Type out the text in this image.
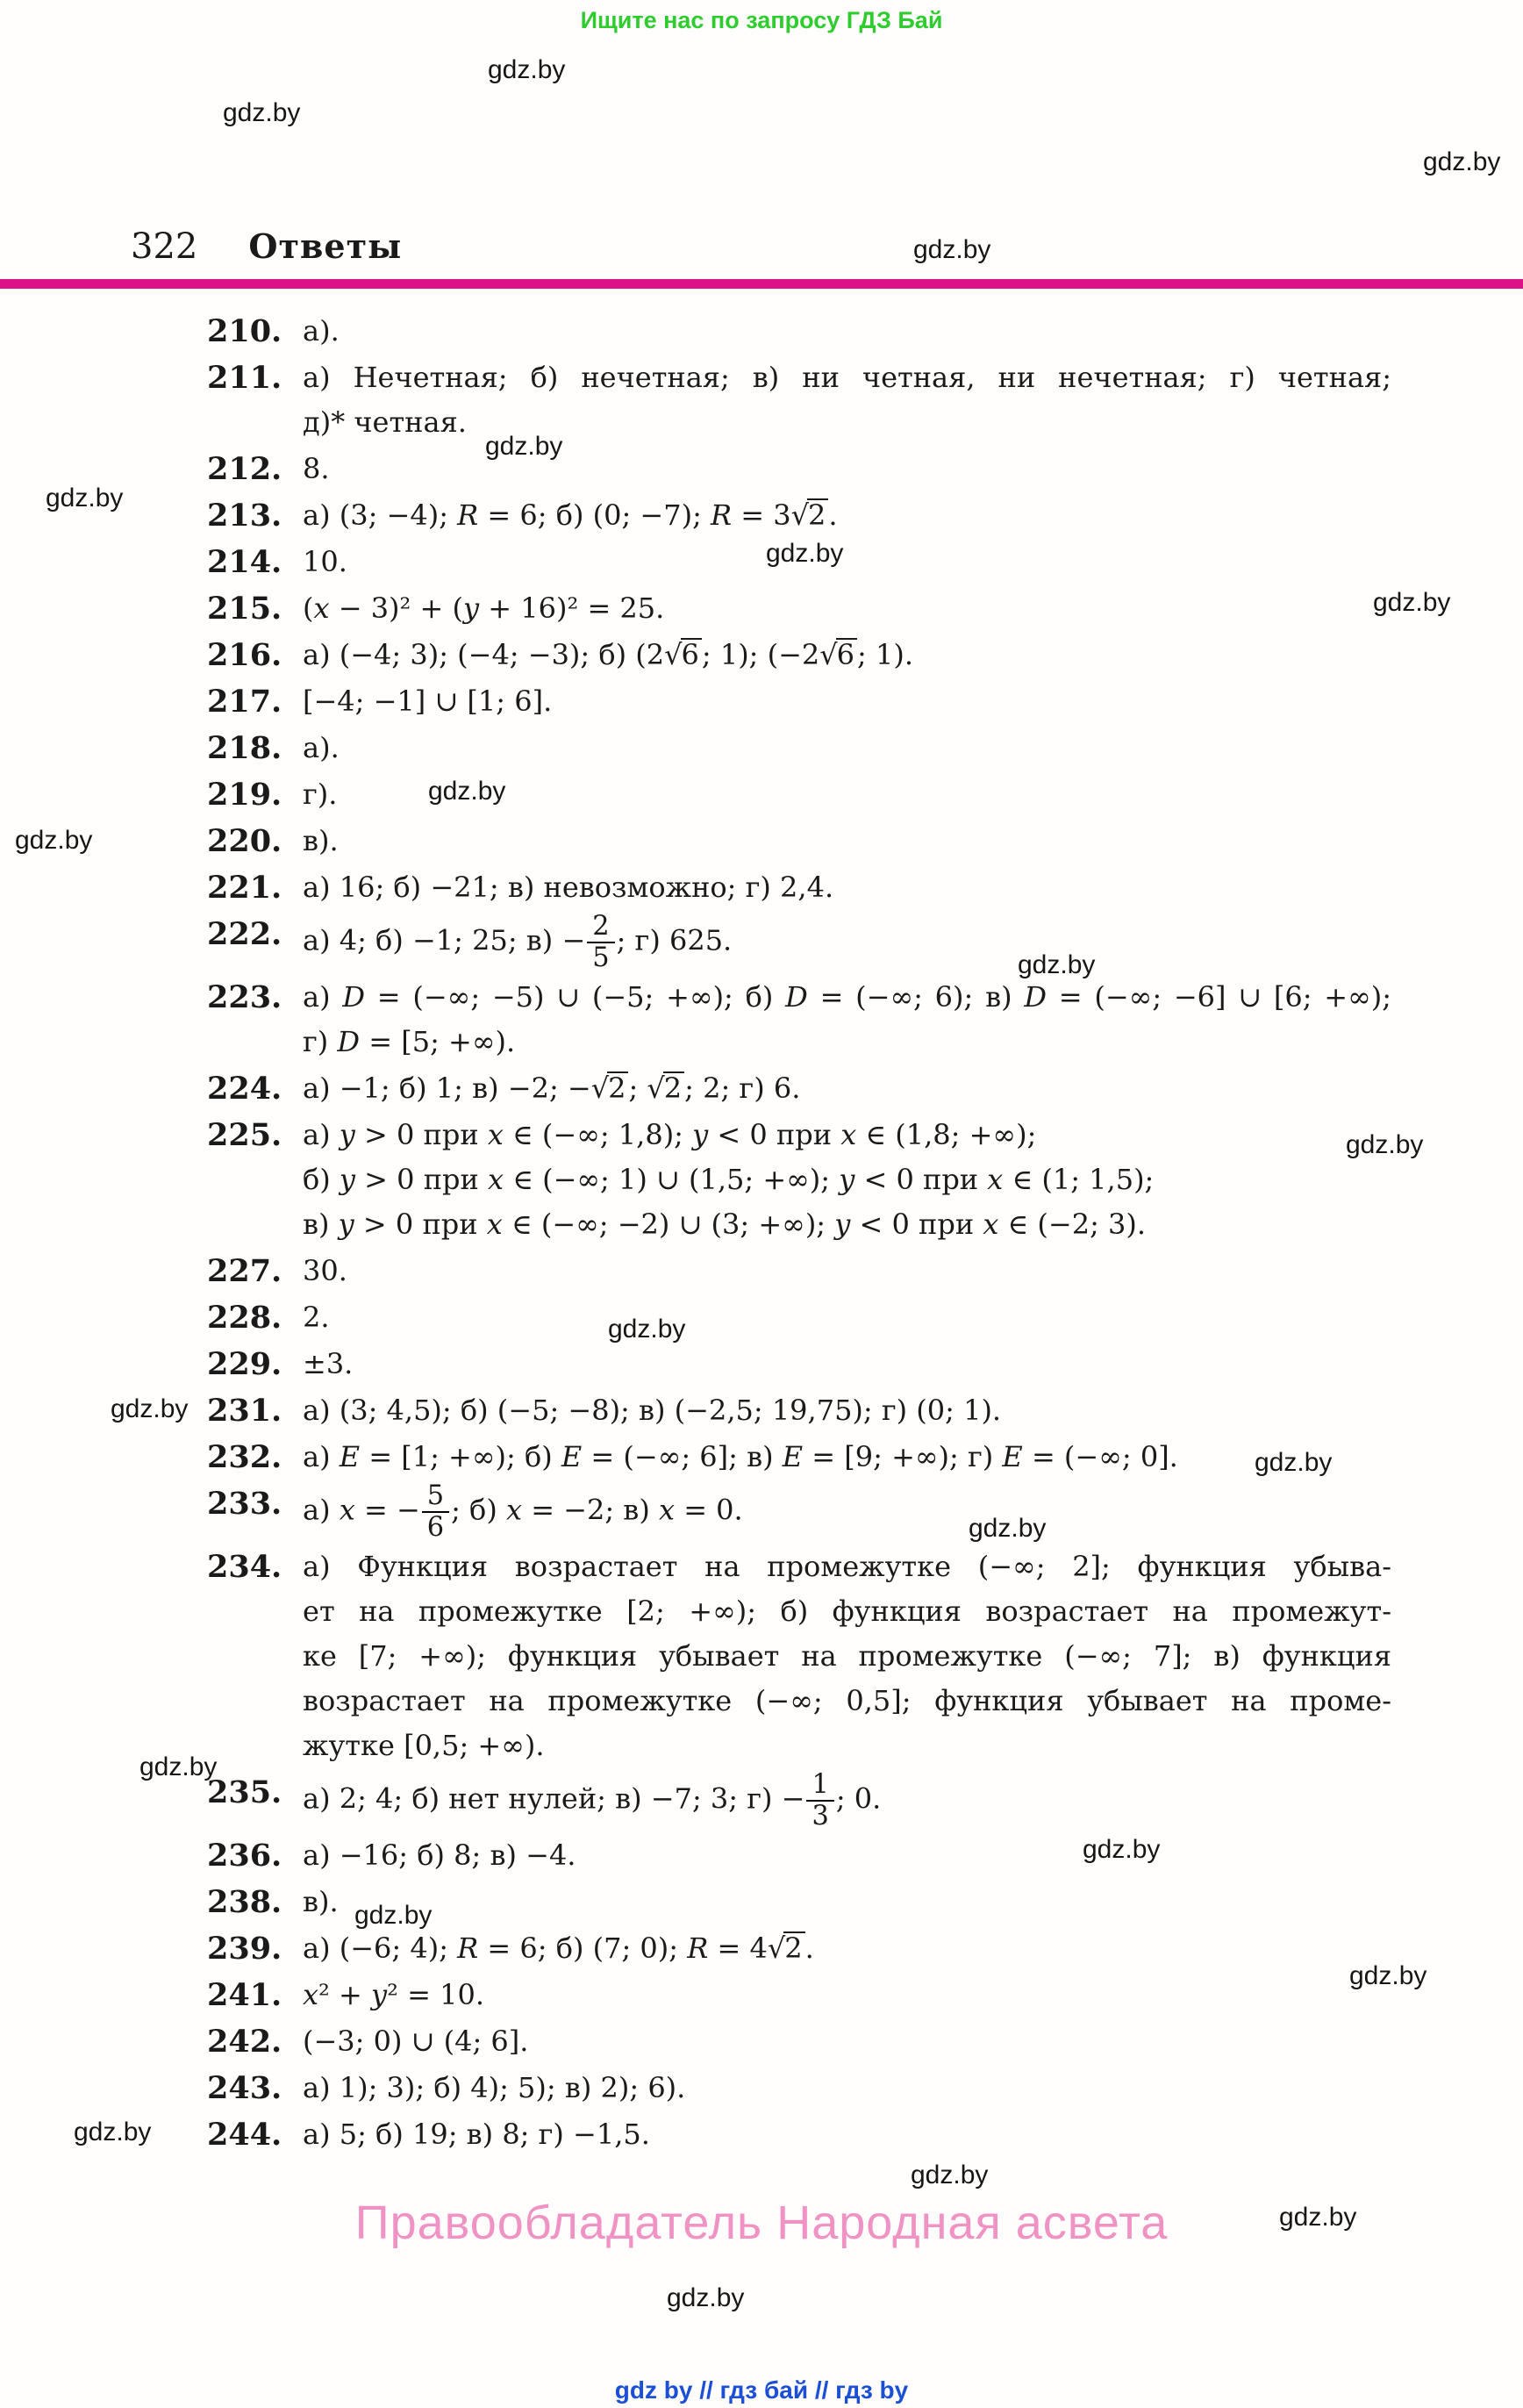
Ищите нас по запросу ГДЗ Бай
gdz.by
gdz.by
gdz.by
gdz.by
gdz.by
gdz.by
gdz.by
gdz.by
gdz.by
gdz.by
gdz.by
gdz.by
gdz.by
gdz.by
gdz.by
gdz.by
gdz.by
gdz.by
gdz.by
gdz.by
gdz.by
gdz.by
gdz.by
gdz.by
322 Ответы
210. а).
211. а) Нечетная; б) нечетная; в) ни четная, ни нечетная; г) четная;
д)* четная.
212. 8.
213. а) (3; −4); R = 6; б) (0; −7); R = 3√2.
214. 10.
215. (x − 3)² + (y + 16)² = 25.
216. а) (−4; 3); (−4; −3); б) (2√6; 1); (−2√6; 1).
217. [−4; −1] ∪ [1; 6].
218. а).
219. г).
220. в).
221. а) 16; б) −21; в) невозможно; г) 2,4.
222. а) 4; б) −1; 25; $в) - \frac{2}{5}$ ; г) 625.
223. а) D = (−∞; −5) ∪ (−5; +∞); б) D = (−∞; 6); в) D = (−∞; −6] ∪ [6; +∞);
г) D = [5; +∞).
224. а) −1; б) 1; в) −2; −√2; √2; 2; г) 6.
225. а) y > 0 при x ∈ (−∞; 1,8); y < 0 при x ∈ (1,8; +∞);
б) y > 0 при x ∈ (−∞; 1) ∪ (1,5; +∞); y < 0 при x ∈ (1; 1,5);
в) y > 0 при x ∈ (−∞; −2) ∪ (3; +∞); y < 0 при x ∈ (−2; 3).
227. 30.
228. 2.
229. ±3.
231. а) (3; 4,5); б) (−5; −8); в) (−2,5; 19,75); г) (0; 1).
232. а) E = [1; +∞); б) E = (−∞; 6]; в) E = [9; +∞); г) E = (−∞; 0].
233. а) x = − $\frac{5}{6}$ ; б) x = −2; в) x = 0.
234. а) Функция возрастает на промежутке (−∞; 2]; функция убыва-
ет на промежутке [2; +∞); б) функция возрастает на промежут-
ке [7; +∞); функция убывает на промежутке (−∞; 7]; в) функция
возрастает на промежутке (−∞; 0,5]; функция убывает на проме-
жутке [0,5; +∞).
235. а) 2; 4; б) нет нулей; в) −7; 3; $г) - \frac{1}{3}$ ; 0.
236. а) −16; б) 8; в) −4.
238. в).
239. а) (−6; 4); R = 6; б) (7; 0); R = 4√2.
241. x² + y² = 10.
242. (−3; 0) ∪ (4; 6].
243. а) 1); 3); б) 4); 5); в) 2); 6).
244. а) 5; б) 19; в) 8; г) −1,5.
Правообладатель Народная асвета
gdz by // гдз бай // гдз by
